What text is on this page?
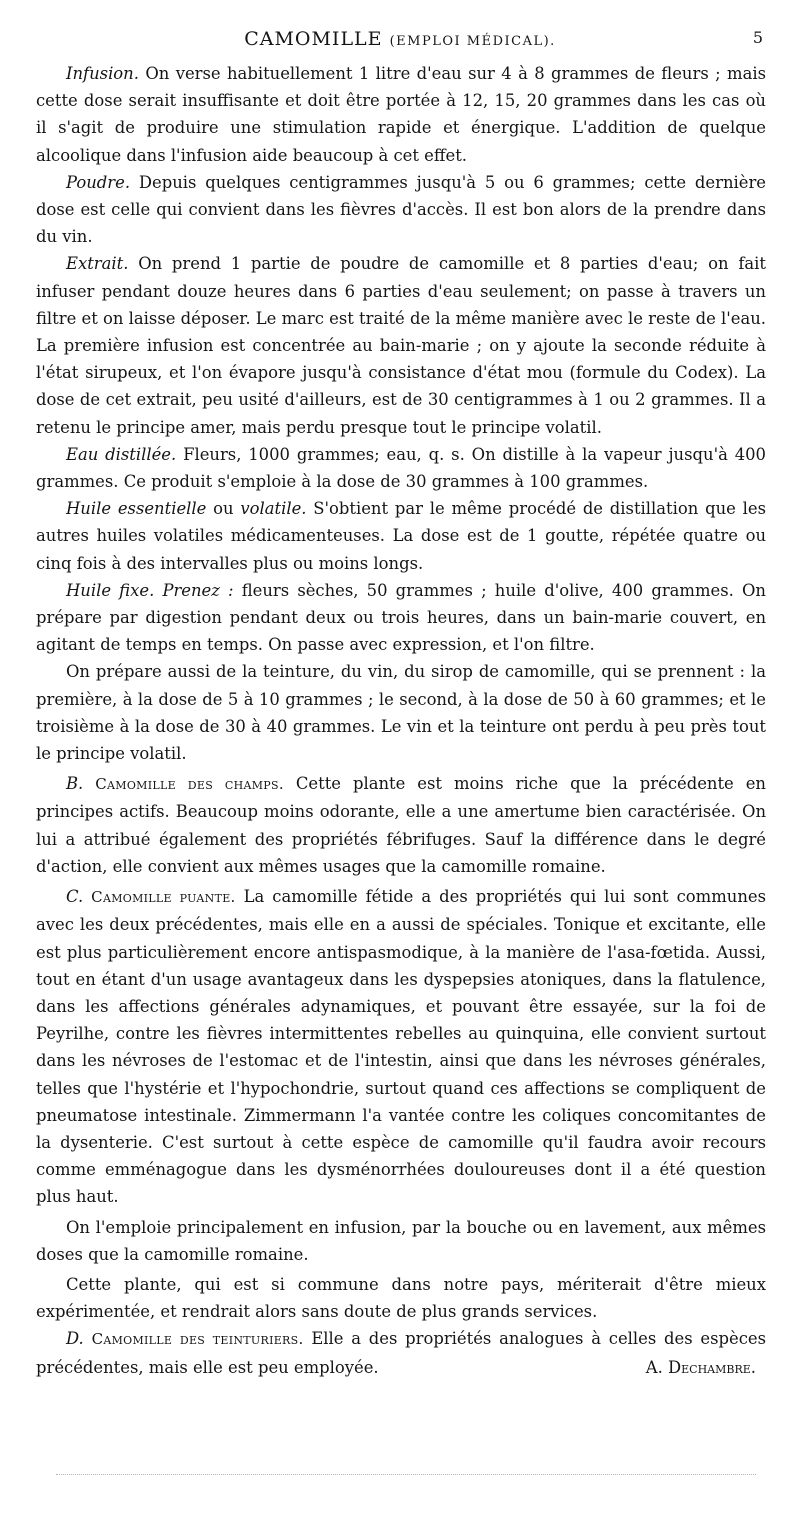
CAMOMILLE (EMPLOI MÉDICAL).	5

Infusion. On verse habituellement 1 litre d'eau sur 4 à 8 grammes de fleurs ; mais cette dose serait insuffisante et doit être portée à 12, 15, 20 grammes dans les cas où il s'agit de produire une stimulation rapide et énergique. L'addition de quelque alcoolique dans l'infusion aide beaucoup à cet effet.

Poudre. Depuis quelques centigrammes jusqu'à 5 ou 6 grammes; cette dernière dose est celle qui convient dans les fièvres d'accès. Il est bon alors de la prendre dans du vin.

Extrait. On prend 1 partie de poudre de camomille et 8 parties d'eau; on fait infuser pendant douze heures dans 6 parties d'eau seulement; on passe à travers un filtre et on laisse déposer. Le marc est traité de la même manière avec le reste de l'eau. La première infusion est concentrée au bain-marie ; on y ajoute la seconde réduite à l'état sirupeux, et l'on évapore jusqu'à consistance d'état mou (formule du Codex). La dose de cet extrait, peu usité d'ailleurs, est de 30 centigrammes à 1 ou 2 grammes. Il a retenu le principe amer, mais perdu presque tout le principe volatil.

Eau distillée. Fleurs, 1000 grammes; eau, q. s. On distille à la vapeur jusqu'à 400 grammes. Ce produit s'emploie à la dose de 30 grammes à 100 grammes.

Huile essentielle ou volatile. S'obtient par le même procédé de distillation que les autres huiles volatiles médicamenteuses. La dose est de 1 goutte, répétée quatre ou cinq fois à des intervalles plus ou moins longs.

Huile fixe. Prenez : fleurs sèches, 50 grammes ; huile d'olive, 400 grammes. On prépare par digestion pendant deux ou trois heures, dans un bain-marie couvert, en agitant de temps en temps. On passe avec expression, et l'on filtre.

On prépare aussi de la teinture, du vin, du sirop de camomille, qui se prennent : la première, à la dose de 5 à 10 grammes ; le second, à la dose de 50 à 60 grammes; et le troisième à la dose de 30 à 40 grammes. Le vin et la teinture ont perdu à peu près tout le principe volatil.

B. Camomille des champs. Cette plante est moins riche que la précédente en principes actifs. Beaucoup moins odorante, elle a une amertume bien caractérisée. On lui a attribué également des propriétés fébrifuges. Sauf la différence dans le degré d'action, elle convient aux mêmes usages que la camomille romaine.

C. Camomille puante. La camomille fétide a des propriétés qui lui sont communes avec les deux précédentes, mais elle en a aussi de spéciales. Tonique et excitante, elle est plus particulièrement encore antispasmodique, à la manière de l'asa-fœtida. Aussi, tout en étant d'un usage avantageux dans les dyspepsies atoniques, dans la flatulence, dans les affections générales adynamiques, et pouvant être essayée, sur la foi de Peyrilhe, contre les fièvres intermittentes rebelles au quinquina, elle convient surtout dans les névroses de l'estomac et de l'intestin, ainsi que dans les névroses générales, telles que l'hystérie et l'hypochondrie, surtout quand ces affections se compliquent de pneumatose intestinale. Zimmermann l'a vantée contre les coliques concomitantes de la dysenterie. C'est surtout à cette espèce de camomille qu'il faudra avoir recours comme emménagogue dans les dysménorrhées douloureuses dont il a été question plus haut.

On l'emploie principalement en infusion, par la bouche ou en lavement, aux mêmes doses que la camomille romaine.

Cette plante, qui est si commune dans notre pays, mériterait d'être mieux expérimentée, et rendrait alors sans doute de plus grands services.

D. Camomille des teinturiers. Elle a des propriétés analogues à celles des espèces précédentes, mais elle est peu employée.	A. Dechambre.
